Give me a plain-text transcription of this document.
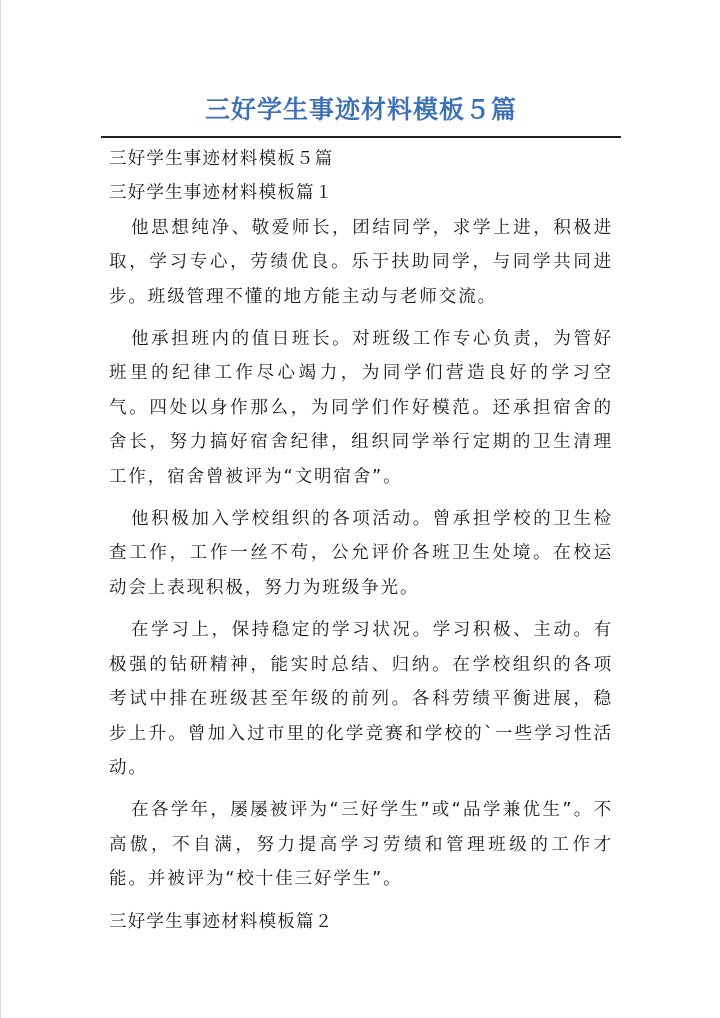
三好学生事迹材料模板５篇

三好学生事迹材料模板５篇

三好学生事迹材料模板篇１

他思想纯净、敬爱师长，团结同学，求学上进，积极进取，学习专心，劳绩优良。乐于扶助同学，与同学共同进步。班级管理不懂的地方能主动与老师交流。

他承担班内的值日班长。对班级工作专心负责，为管好班里的纪律工作尽心竭力，为同学们营造良好的学习空气。四处以身作那么，为同学们作好模范。还承担宿舍的舍长，努力搞好宿舍纪律，组织同学举行定期的卫生清理工作，宿舍曾被评为“文明宿舍”。

他积极加入学校组织的各项活动。曾承担学校的卫生检查工作，工作一丝不苟，公允评价各班卫生处境。在校运动会上表现积极，努力为班级争光。

在学习上，保持稳定的学习状况。学习积极、主动。有极强的钻研精神，能实时总结、归纳。在学校组织的各项考试中排在班级甚至年级的前列。各科劳绩平衡进展，稳步上升。曾加入过市里的化学竞赛和学校的`一些学习性活动。

在各学年，屡屡被评为“三好学生”或“品学兼优生”。不高傲，不自满，努力提高学习劳绩和管理班级的工作才能。并被评为“校十佳三好学生”。

三好学生事迹材料模板篇２
